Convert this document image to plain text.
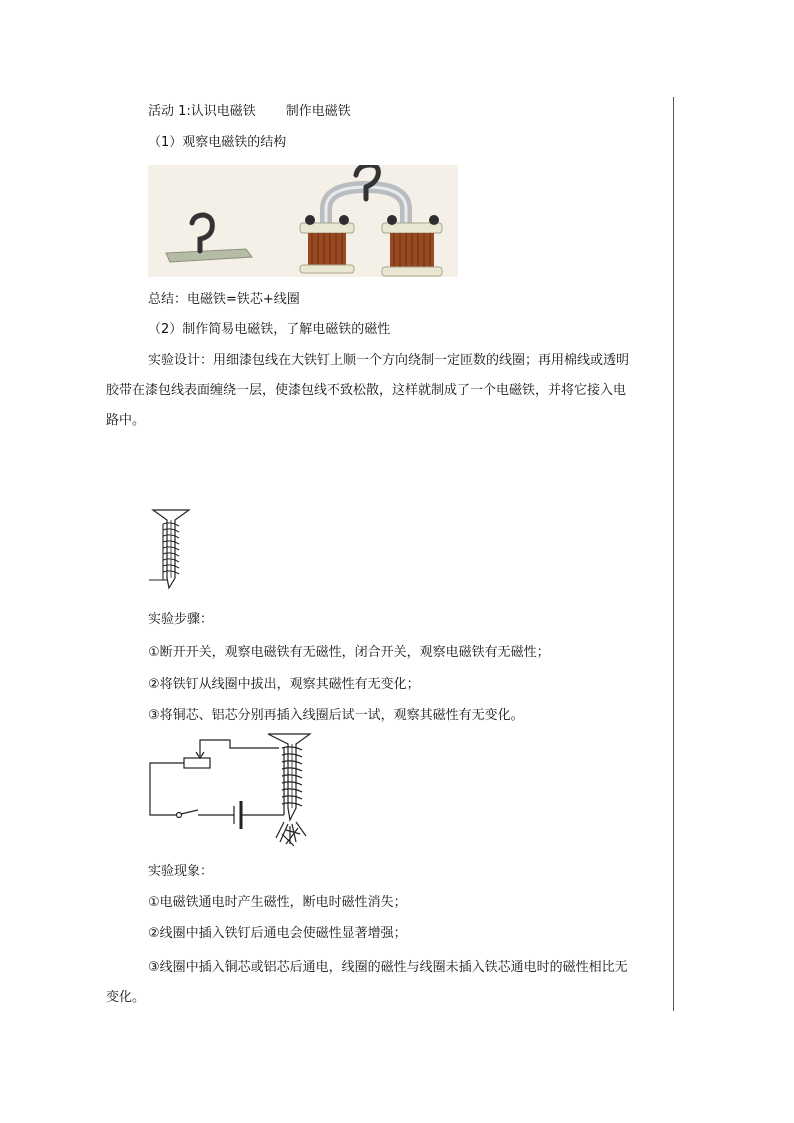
活动 1:认识电磁铁 制作电磁铁
（1）观察电磁铁的结构
总结：电磁铁=铁芯+线圈
（2）制作简易电磁铁，了解电磁铁的磁性
实验设计：用细漆包线在大铁钉上顺一个方向绕制一定匝数的线圈；再用棉线或透明
胶带在漆包线表面缠绕一层，使漆包线不致松散，这样就制成了一个电磁铁，并将它接入电
路中。
实验步骤：
①断开开关，观察电磁铁有无磁性，闭合开关，观察电磁铁有无磁性；
②将铁钉从线圈中拔出，观察其磁性有无变化；
③将铜芯、铝芯分别再插入线圈后试一试，观察其磁性有无变化。
实验现象：
①电磁铁通电时产生磁性，断电时磁性消失；
②线圈中插入铁钉后通电会使磁性显著增强；
③线圈中插入铜芯或铝芯后通电，线圈的磁性与线圈未插入铁芯通电时的磁性相比无
变化。
